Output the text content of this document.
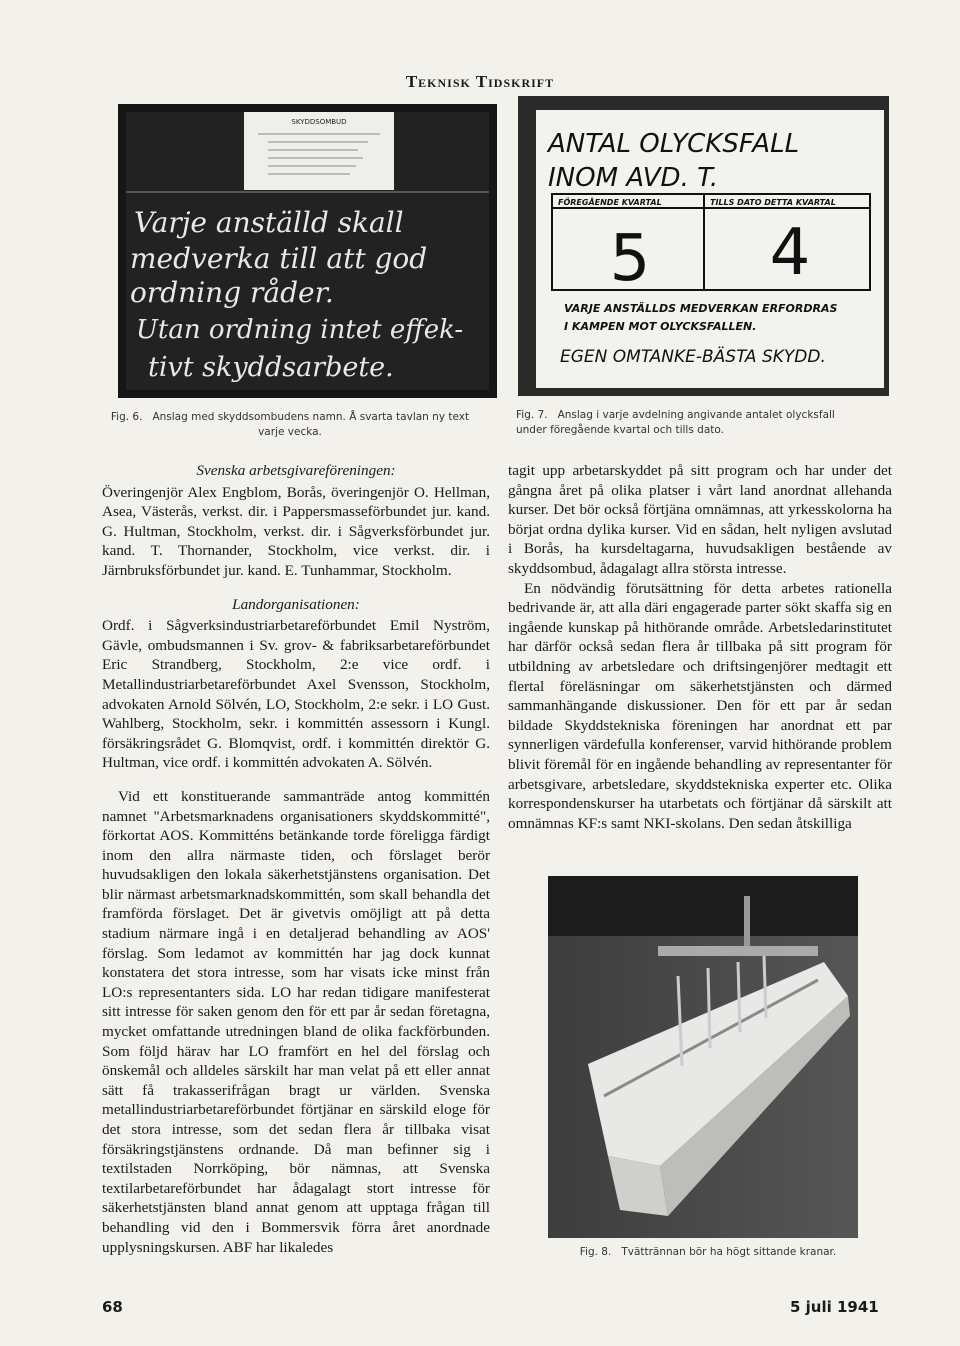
Teknisk Tidskrift
SKYDDSOMBUD
Varje anställd skall
medverka till att god
ordning råder.
Utan ordning intet effek-
tivt skyddsarbete.
Fig. 6. Anslag med skyddsombudens namn. Å svarta tavlan ny text varje vecka.
ANTAL OLYCKSFALL
INOM AVD. T.
FÖREGÅENDE KVARTAL	TILLS DATO DETTA KVARTAL
5 4
VARJE ANSTÄLLDS MEDVERKAN ERFORDRAS
I KAMPEN MOT OLYCKSFALLEN.
EGEN OMTANKE-BÄSTA SKYDD.
Fig. 7. Anslag i varje avdelning angivande antalet olycksfall under föregående kvartal och tills dato.

Svenska arbetsgivareföreningen:

Överingenjör Alex Engblom, Borås, överingenjör O. Hellman, Asea, Västerås, verkst. dir. i Pappersmasseförbundet jur. kand. G. Hultman, Stockholm, verkst. dir. i Sågverksförbundet jur. kand. T. Thornander, Stockholm, vice verkst. dir. i Järnbruksförbundet jur. kand. E. Tunhammar, Stockholm.

Landorganisationen:

Ordf. i Sågverksindustriarbetareförbundet Emil Nyström, Gävle, ombudsmannen i Sv. grov- & fabriksarbetareförbundet Eric Strandberg, Stockholm, 2:e vice ordf. i Metallindustriarbetareförbundet Axel Svensson, Stockholm, advokaten Arnold Sölvén, LO, Stockholm, 2:e sekr. i LO Gust. Wahlberg, Stockholm, sekr. i kommittén assessorn i Kungl. försäkringsrådet G. Blomqvist, ordf. i kommittén direktör G. Hultman, vice ordf. i kommittén advokaten A. Sölvén.

Vid ett konstituerande sammanträde antog kommittén namnet "Arbetsmarknadens organisationers skyddskommitté", förkortat AOS. Kommitténs betänkande torde föreligga färdigt inom den allra närmaste tiden, och förslaget berör huvudsakligen den lokala säkerhetstjänstens organisation. Det blir närmast arbetsmarknadskommittén, som skall behandla det framförda förslaget. Det är givetvis omöjligt att på detta stadium närmare ingå i en detaljerad behandling av AOS' förslag. Som ledamot av kommittén har jag dock kunnat konstatera det stora intresse, som har visats icke minst från LO:s representanters sida. LO har redan tidigare manifesterat sitt intresse för saken genom den för ett par år sedan företagna, mycket omfattande utredningen bland de olika fackförbunden. Som följd härav har LO framfört en hel del förslag och önskemål och alldeles särskilt har man velat på ett eller annat sätt få trakasserifrågan bragt ur världen. Svenska metallindustriarbetareförbundet förtjänar en särskild eloge för det stora intresse, som det sedan flera år tillbaka visat försäkringstjänstens ordnande. Då man befinner sig i textilstaden Norrköping, bör nämnas, att Svenska textilarbetareförbundet har ådagalagt stort intresse för säkerhetstjänsten bland annat genom att upptaga frågan till behandling vid den i Bommersvik förra året anordnade upplysningskursen. ABF har likaledes

tagit upp arbetarskyddet på sitt program och har under det gångna året på olika platser i vårt land anordnat allehanda kurser. Det bör också förtjäna omnämnas, att yrkesskolorna ha börjat ordna dylika kurser. Vid en sådan, helt nyligen avslutad i Borås, ha kursdeltagarna, huvudsakligen bestående av skyddsombud, ådagalagt allra största intresse.

En nödvändig förutsättning för detta arbetes rationella bedrivande är, att alla däri engagerade parter sökt skaffa sig en ingående kunskap på hithörande område. Arbetsledarinstitutet har därför också sedan flera år tillbaka på sitt program för utbildning av arbetsledare och driftsingenjörer medtagit ett flertal föreläsningar om säkerhetstjänsten och därmed sammanhängande diskussioner. Den för ett par år sedan bildade Skyddstekniska föreningen har anordnat ett par synnerligen värdefulla konferenser, varvid hithörande problem blivit föremål för en ingående behandling av representanter för arbetsgivare, arbetsledare, skyddstekniska experter etc. Olika korrespondenskurser ha utarbetats och förtjänar då särskilt att omnämnas KF:s samt NKI-skolans. Den sedan åtskilliga

Fig. 8. Tvättrännan bör ha högt sittande kranar.
68	5 juli 1941
